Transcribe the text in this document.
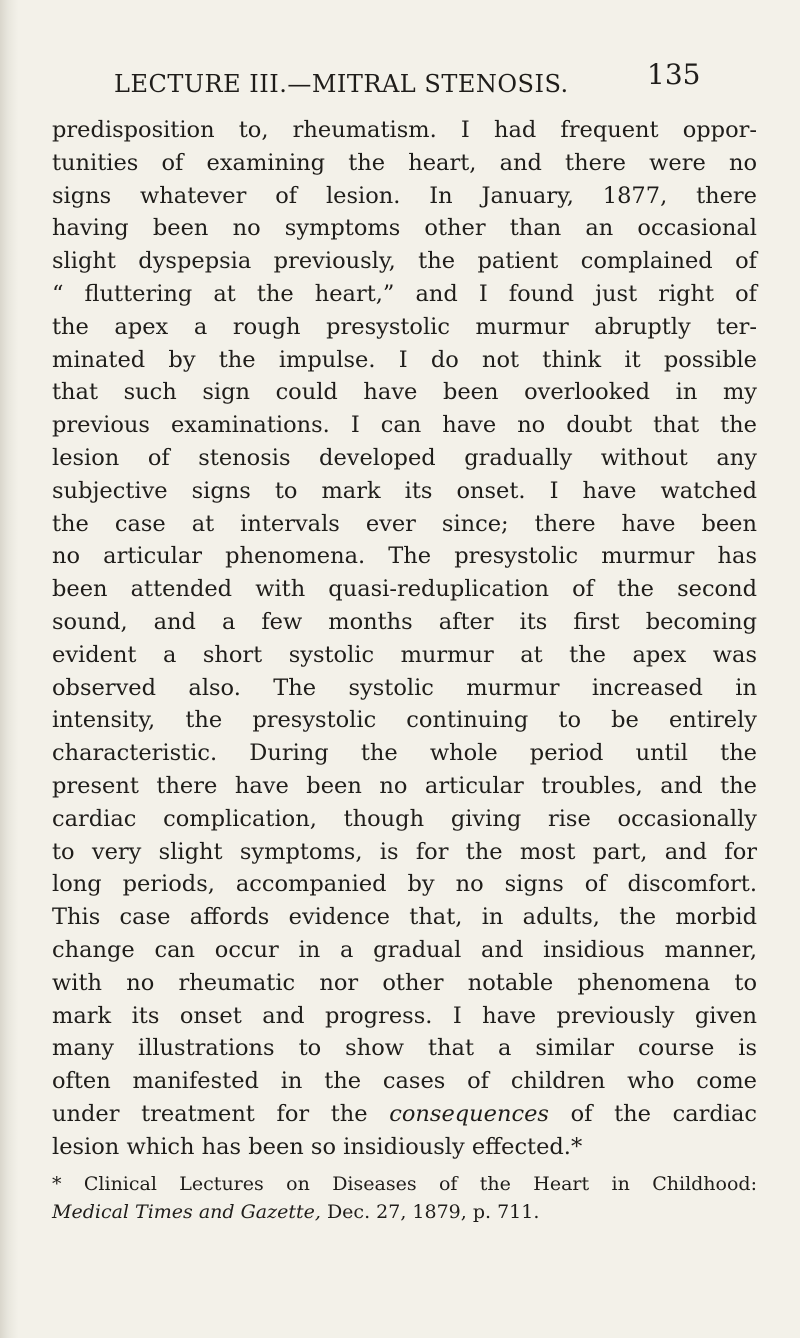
LECTURE III.—MITRAL STENOSIS.	135
predisposition to, rheumatism. I had frequent oppor-
tunities of examining the heart, and there were no
signs whatever of lesion. In January, 1877, there
having been no symptoms other than an occasional
slight dyspepsia previously, the patient complained of
“ fluttering at the heart,” and I found just right of
the apex a rough presystolic murmur abruptly ter-
minated by the impulse. I do not think it possible
that such sign could have been overlooked in my
previous examinations. I can have no doubt that the
lesion of stenosis developed gradually without any
subjective signs to mark its onset. I have watched
the case at intervals ever since; there have been
no articular phenomena. The presystolic murmur has
been attended with quasi-reduplication of the second
sound, and a few months after its first becoming
evident a short systolic murmur at the apex was
observed also. The systolic murmur increased in
intensity, the presystolic continuing to be entirely
characteristic. During the whole period until the
present there have been no articular troubles, and the
cardiac complication, though giving rise occasionally
to very slight symptoms, is for the most part, and for
long periods, accompanied by no signs of discomfort.
This case affords evidence that, in adults, the morbid
change can occur in a gradual and insidious manner,
with no rheumatic nor other notable phenomena to
mark its onset and progress. I have previously given
many illustrations to show that a similar course is
often manifested in the cases of children who come
under treatment for the consequences of the cardiac
lesion which has been so insidiously effected.*
* Clinical Lectures on Diseases of the Heart in Childhood:
Medical Times and Gazette, Dec. 27, 1879, p. 711.
